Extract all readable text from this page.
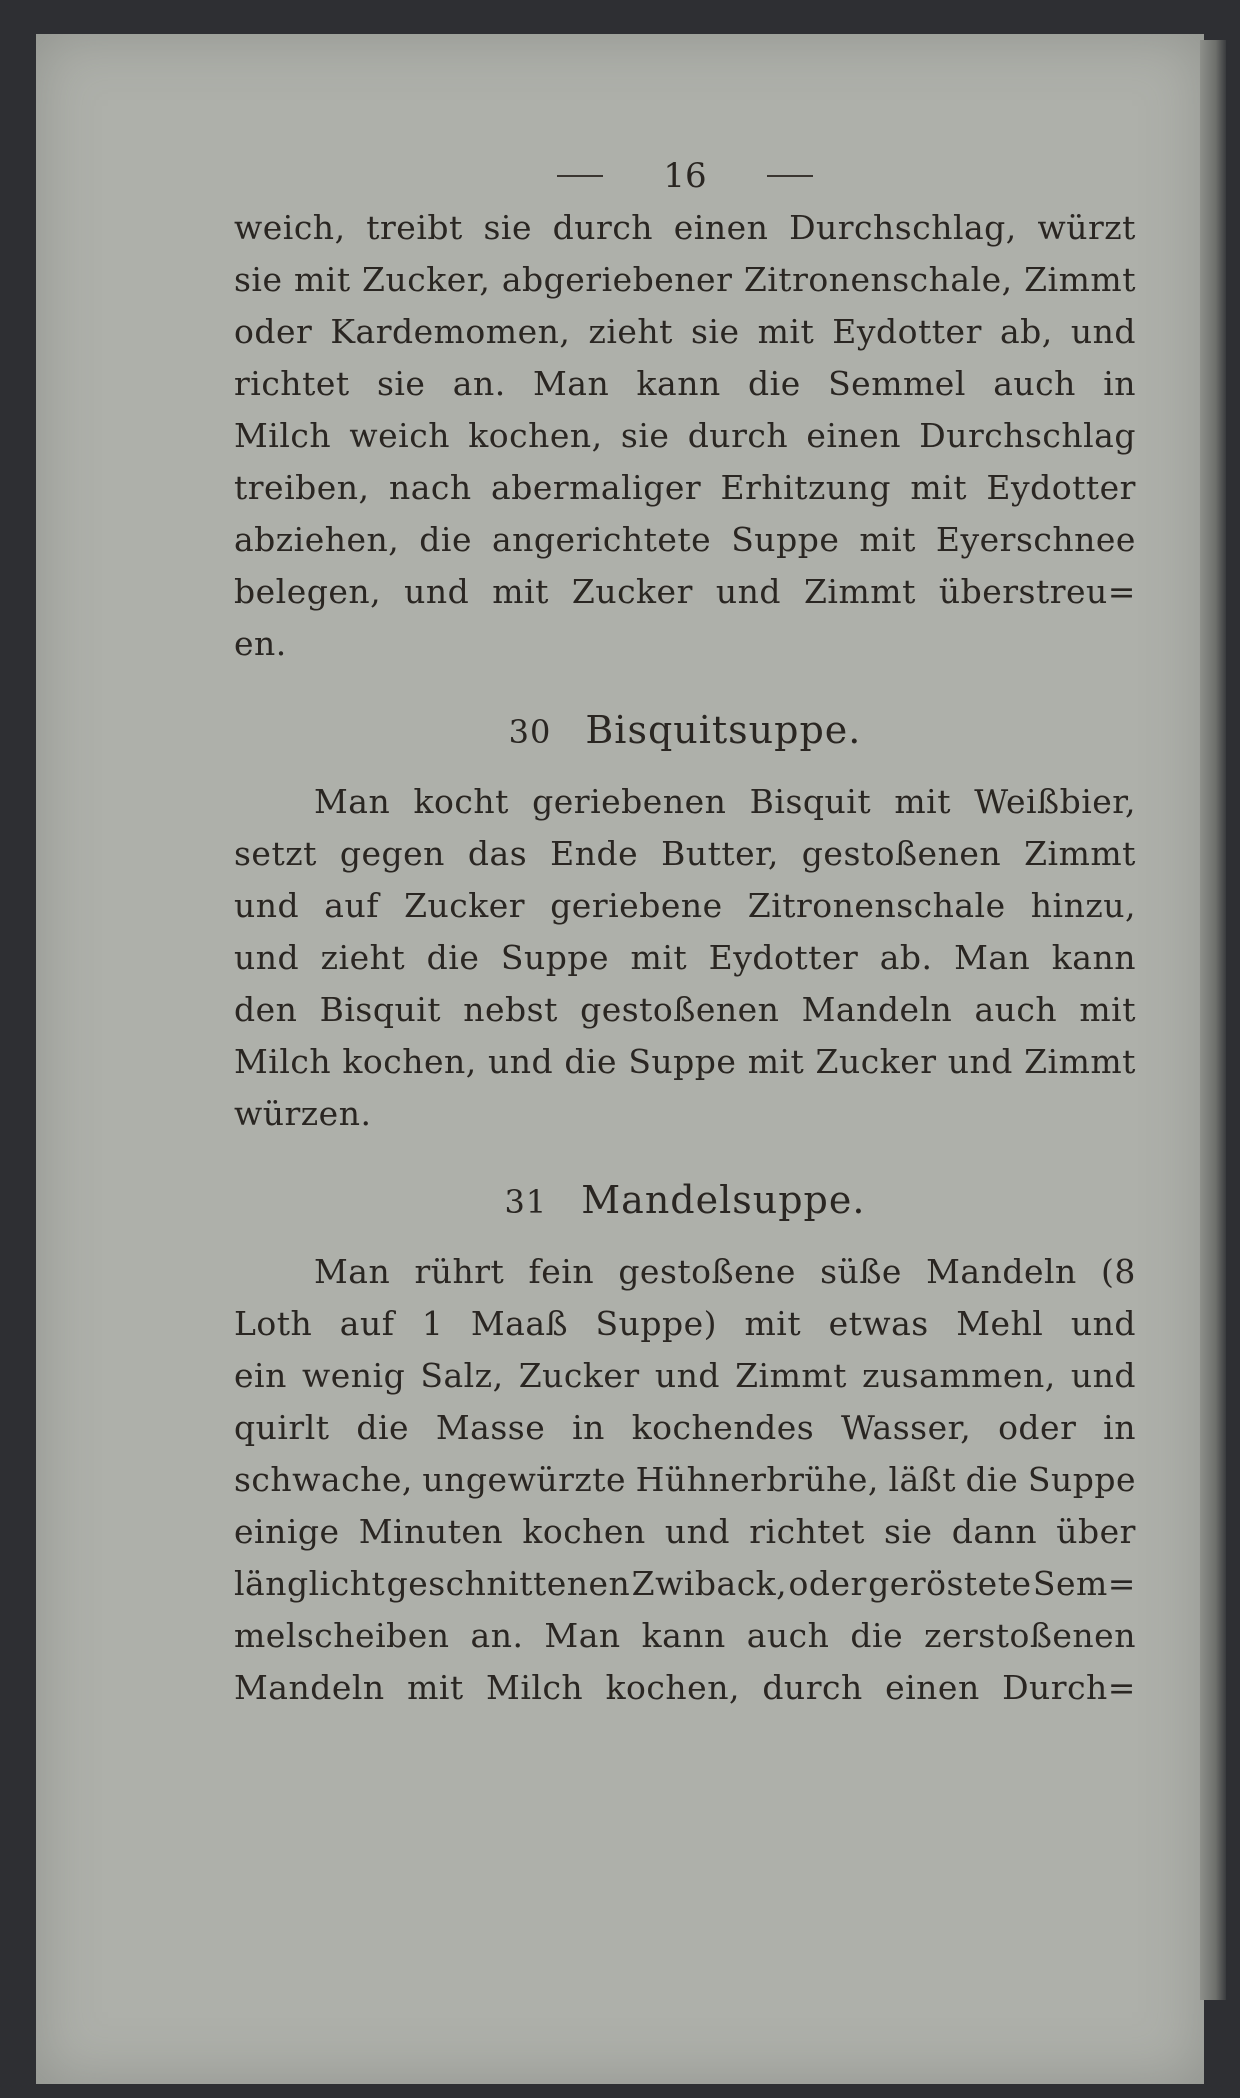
16
weich, treibt sie durch einen Durchschlag, würzt
sie mit Zucker, abgeriebener Zitronenschale, Zimmt
oder Kardemomen, zieht sie mit Eydotter ab, und
richtet sie an. Man kann die Semmel auch in
Milch weich kochen, sie durch einen Durchschlag
treiben, nach abermaliger Erhitzung mit Eydotter
abziehen, die angerichtete Suppe mit Eyerschnee
belegen, und mit Zucker und Zimmt überstreu=
en.
30 Bisquitsuppe.
Man kocht geriebenen Bisquit mit Weißbier,
setzt gegen das Ende Butter, gestoßenen Zimmt
und auf Zucker geriebene Zitronenschale hinzu,
und zieht die Suppe mit Eydotter ab. Man kann
den Bisquit nebst gestoßenen Mandeln auch mit
Milch kochen, und die Suppe mit Zucker und Zimmt
würzen.
31 Mandelsuppe.
Man rührt fein gestoßene süße Mandeln (8
Loth auf 1 Maaß Suppe) mit etwas Mehl und
ein wenig Salz, Zucker und Zimmt zusammen, und
quirlt die Masse in kochendes Wasser, oder in
schwache, ungewürzte Hühnerbrühe, läßt die Suppe
einige Minuten kochen und richtet sie dann über
länglicht geschnittenen Zwiback, oder geröstete Sem=
melscheiben an. Man kann auch die zerstoßenen
Mandeln mit Milch kochen, durch einen Durch=
